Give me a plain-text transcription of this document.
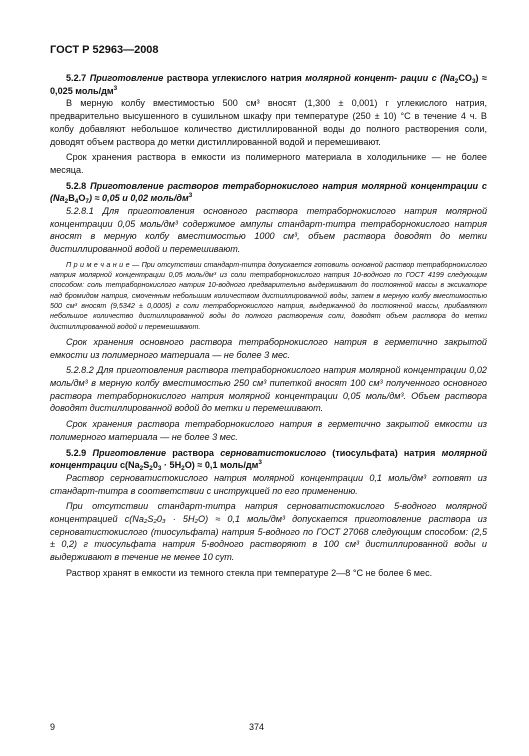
ГОСТ Р 52963—2008

5.2.7 Приготовление раствора углекислого натрия молярной концент- рации с $(Na_2CO_3) \approx 0,025$ моль/$дм^3$

В мерную колбу вместимостью 500 см³ вносят (1,300 ± 0,001) г углекислого натрия, предварительно высушенного в сушильном шкафу при температуре (250 ± 10) °С в течение 4 ч. В колбу добавляют небольшое количество дистиллированной воды до полного растворения соли, доводят объем раствора до метки дистиллированной водой и перемешивают.

Срок хранения раствора в емкости из полимерного материала в холодильнике — не более месяца.

5.2.8 Приготовление растворов тетраборнокислого натрия молярной концентрации с $(Na_2B_4O_7) \approx 0,05$ и 0,02 моль/$дм^3$

5.2.8.1 Для приготовления основного раствора тетраборнокислого натрия молярной концентрации 0,05 моль/дм³ содержимое ампулы стандарт-титра тетраборнокислого натрия вносят в мерную колбу вместимостью 1000 см³, объем раствора доводят до метки дистиллированной водой и перемешивают.

П р и м е ч а н и е — При отсутствии стандарт-титра допускается готовить основной раствор тетраборнокислого натрия молярной концентрации 0,05 моль/дм³ из соли тетраборнокислого натрия 10-водного по ГОСТ 4199 следующим способом: соль тетраборнокислого натрия 10-водного предварительно выдерживают до постоянной массы в эксикаторе над бромидом натрия, смоченным небольшим количеством дистиллированной воды, затем в мерную колбу вместимостью 500 см³ вносят (9,5342 ± 0,0005) г соли тетраборнокислого натрия, выдержанной до постоянной массы, прибавляют небольшое количество дистиллированной воды до полного растворения соли, доводят объем раствора до метки дистиллированной водой и перемешивают.

Срок хранения основного раствора тетраборнокислого натрия в герметично закрытой емкости из полимерного материала — не более 3 мес.

5.2.8.2 Для приготовления раствора тетраборнокислого натрия молярной концентрации 0,02 моль/дм³ в мерную колбу вместимостью 250 см³ пипеткой вносят 100 см³ полученного основного раствора тетраборнокислого натрия молярной концентрации 0,05 моль/дм³. Объем раствора доводят дистиллированной водой до метки и перемешивают.

Срок хранения раствора тетраборнокислого натрия в герметично закрытой емкости из полимерного материала — не более 3 мес.

5.2.9 Приготовление раствора серноватистокислого (тиосульфата) натрия молярной концентрации $с(Na_2S_20_3 \cdot 5H_2O) \approx 0,1$ моль/$дм^3$

Раствор серноватистокислого натрия молярной концентрации 0,1 моль/дм³ готовят из стандарт-титра в соответствии с инструкцией по его применению.

При отсутствии стандарт-титра натрия серноватистокислого 5-водного молярной концентрацией с(Na₂S₂0₃ · 5H₂O) ≈ 0,1 моль/дм³ допускается приготовление раствора из серноватистокислого (тиосульфата) натрия 5-водного по ГОСТ 27068 следующим способом: (2,5 ± 0,2) г тиосульфата натрия 5-водного растворяют в 100 см³ дистиллированной воды и выдерживают в течение не менее 10 сут.

Раствор хранят в емкости из темного стекла при температуре 2—8 °С не более 6 мес.

9	374
